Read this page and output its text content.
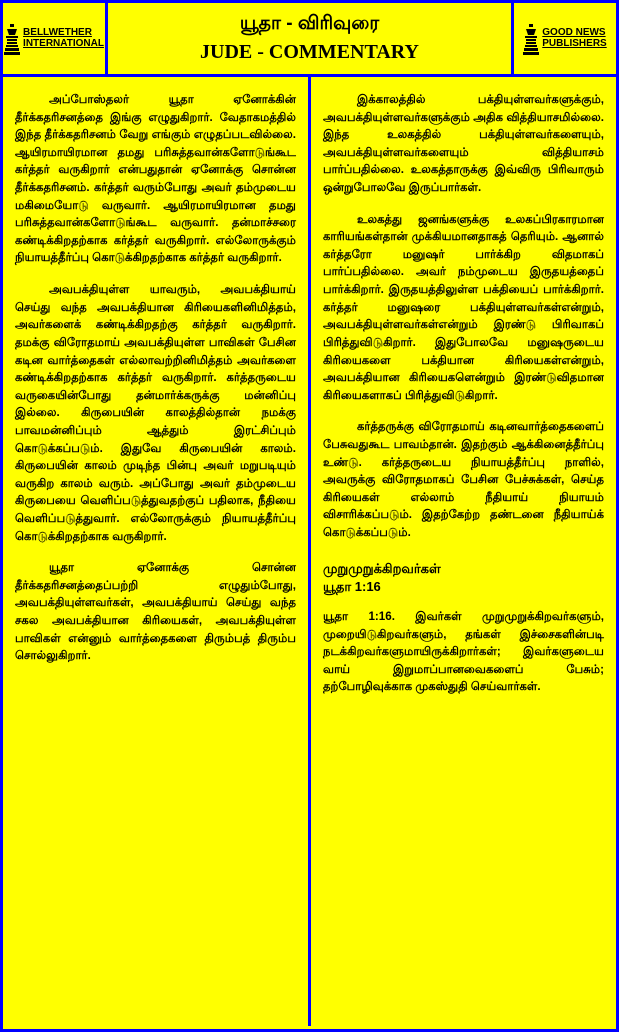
BELLWETHER
INTERNATIONAL
யூதா - விரிவுரை
JUDE - COMMENTARY
GOOD NEWS
PUBLISHERS

அப்போஸ்தலர் யூதா ஏனோக்கின் தீர்க்கதரிசனத்தை இங்கு எழுதுகிறார். வேதாகமத்தில் இந்த தீர்க்கதரிசனம் வேறு எங்கும் எழுதப்படவில்லை. ஆயிரமாயிரமான தமது பரிசுத்தவான்களோடுங்கூட கர்த்தர் வருகிறார் என்பதுதான் ஏனோக்கு சொன்ன தீர்க்கதரிசனம். கர்த்தர் வரும்போது அவர் தம்முடைய மகிமையோடு வருவார். ஆயிரமாயிரமான தமது பரிசுத்தவான்களோடுங்கூட வருவார். தன்மாச்சரை கண்டிக்கிறதற்காக கர்த்தர் வருகிறார். எல்லோருக்கும் நியாயத்தீர்ப்பு கொடுக்கிறதற்காக கர்த்தர் வருகிறார்.

அவபக்தியுள்ள யாவரும், அவபக்தியாய் செய்து வந்த அவபக்தியான கிரியைகளினிமித்தம், அவர்களைக் கண்டிக்கிறதற்கு கர்த்தர் வருகிறார். தமக்கு விரோதமாய் அவபக்தியுள்ள பாவிகள் பேசின கடின வார்த்தைகள் எல்லாவற்றினிமித்தம் அவர்களை கண்டிக்கிறதற்காக கர்த்தர் வருகிறார். கர்த்தருடைய வருகையின்போது தன்மார்க்கருக்கு மன்னிப்பு இல்லை. கிருபையின் காலத்தில்தான் நமக்கு பாவமன்னிப்பும் ஆத்தும் இரட்சிப்பும் கொடுக்கப்படும். இதுவே கிருபையின் காலம். கிருபையின் காலம் முடிந்த பின்பு அவர் மறுபடியும் வருகிற காலம் வரும். அப்போது அவர் தம்முடைய கிருபையை வெளிப்படுத்துவதற்குப் பதிலாக, நீதியை வெளிப்படுத்துவார். எல்லோருக்கும் நியாயத்தீர்ப்பு கொடுக்கிறதற்காக வருகிறார்.

யூதா ஏனோக்கு சொன்ன தீர்க்கதரிசனத்தைப்பற்றி எழுதும்போது, அவபக்தியுள்ளவர்கள், அவபக்தியாய் செய்து வந்த சகல அவபக்தியான கிரியைகள், அவபக்தியுள்ள பாவிகள் என்னும் வார்த்தைகளை திரும்பத் திரும்ப சொல்லுகிறார்.

இக்காலத்தில் பக்தியுள்ளவர்களுக்கும், அவபக்தியுள்ளவர்களுக்கும் அதிக வித்தியாசமில்லை. இந்த உலகத்தில் பக்தியுள்ளவர்களையும், அவபக்தியுள்ளவர்களையும் வித்தியாசம் பார்ப்பதில்லை. உலகத்தாருக்கு இவ்விரு பிரிவாரும் ஒன்றுபோலவே இருப்பார்கள்.

உலகத்து ஜனங்களுக்கு உலகப்பிரகாரமான காரியங்கள்தான் முக்கியமானதாகத் தெரியும். ஆனால் கர்த்தரோ மனுஷர் பார்க்கிற விதமாகப் பார்ப்பதில்லை. அவர் நம்முடைய இருதயத்தைப் பார்க்கிறார். இருதயத்திலுள்ள பக்தியைப் பார்க்கிறார். கர்த்தர் மனுஷரை பக்தியுள்ளவர்கள்என்றும், அவபக்தியுள்ளவர்கள்என்றும் இரண்டு பிரிவாகப் பிரித்துவிடுகிறார். இதுபோலவே மனுஷருடைய கிரியைகளை பக்தியான கிரியைகள்என்றும், அவபக்தியான கிரியைகளென்றும் இரண்டுவிதமான கிரியைகளாகப் பிரித்துவிடுகிறார்.

கர்த்தருக்கு விரோதமாய் கடினவார்த்தைகளைப் பேசுவதுகூட பாவம்தான். இதற்கும் ஆக்கினைத்தீர்ப்பு உண்டு. கர்த்தருடைய நியாயத்தீர்ப்பு நாளில், அவருக்கு விரோதமாகப் பேசின பேச்சுக்கள், செய்த கிரியைகள் எல்லாம் நீதியாய் நியாயம் விசாரிக்கப்படும். இதற்கேற்ற தண்டனை நீதியாய்க் கொடுக்கப்படும்.

முறுமுறுக்கிறவர்கள்
யூதா 1:16

யூதா 1:16. இவர்கள் முறுமுறுக்கிறவர்களும், முறையிடுகிறவர்களும், தங்கள் இச்சைகளின்படி நடக்கிறவர்களுமாயிருக்கிறார்கள்; இவர்களுடைய வாய் இறுமாப்பானவைகளைப் பேசும்; தற்போழிவுக்காக முகஸ்துதி செய்வார்கள்.
